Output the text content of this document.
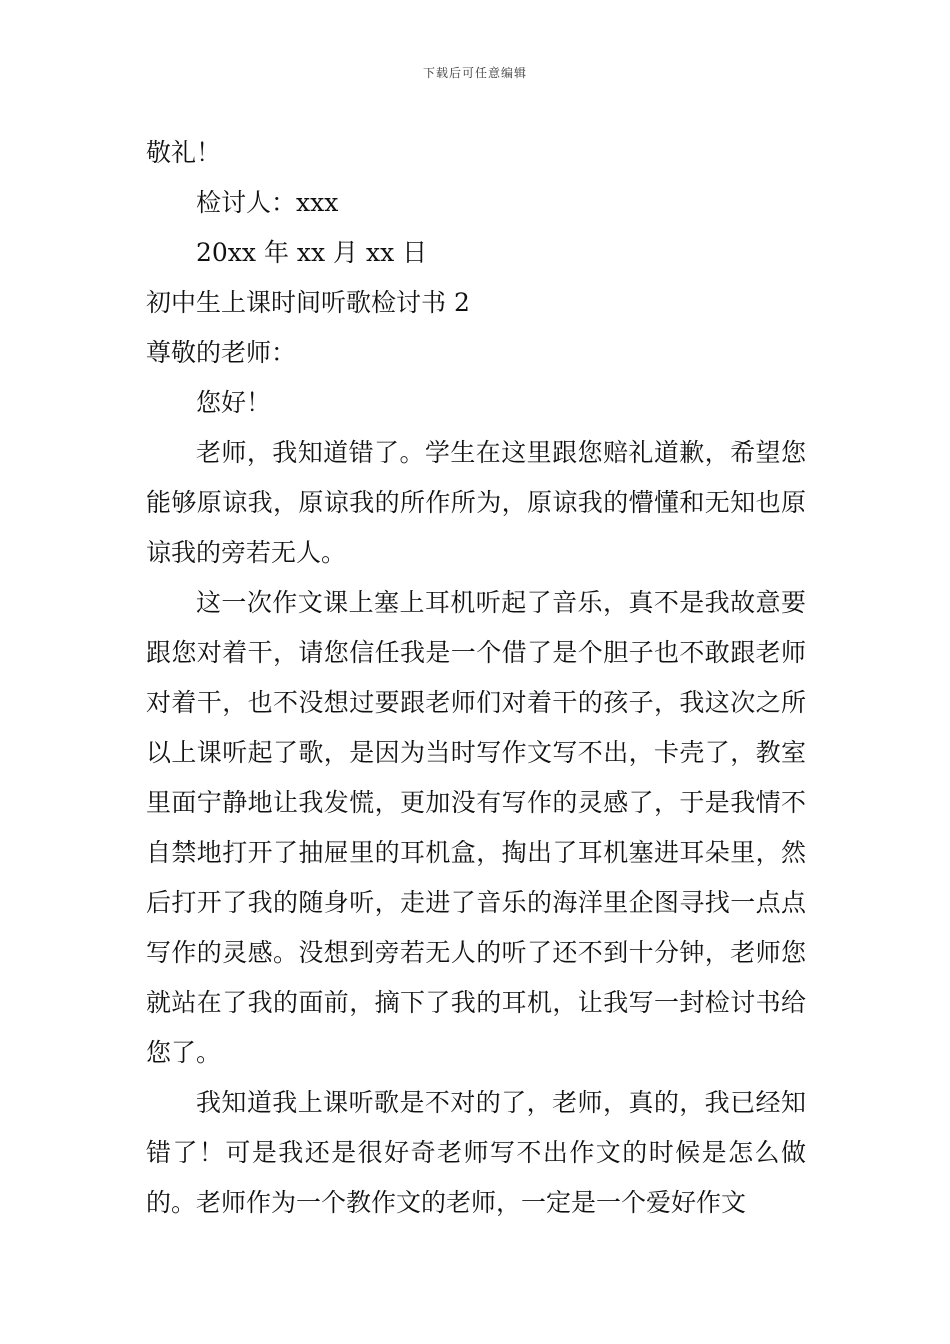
下载后可任意编辑

敬礼！

检讨人：xxx

20xx 年 xx 月 xx 日

初中生上课时间听歌检讨书 2

尊敬的老师：

您好！

老师，我知道错了。学生在这里跟您赔礼道歉，希望您能够原谅我，原谅我的所作所为，原谅我的懵懂和无知也原谅我的旁若无人。

这一次作文课上塞上耳机听起了音乐，真不是我故意要跟您对着干，请您信任我是一个借了是个胆子也不敢跟老师对着干，也不没想过要跟老师们对着干的孩子，我这次之所以上课听起了歌，是因为当时写作文写不出，卡壳了，教室里面宁静地让我发慌，更加没有写作的灵感了，于是我情不自禁地打开了抽屉里的耳机盒，掏出了耳机塞进耳朵里，然后打开了我的随身听，走进了音乐的海洋里企图寻找一点点写作的灵感。没想到旁若无人的听了还不到十分钟，老师您就站在了我的面前，摘下了我的耳机，让我写一封检讨书给您了。

我知道我上课听歌是不对的了，老师，真的，我已经知错了！可是我还是很好奇老师写不出作文的时候是怎么做的。老师作为一个教作文的老师，一定是一个爱好作文
